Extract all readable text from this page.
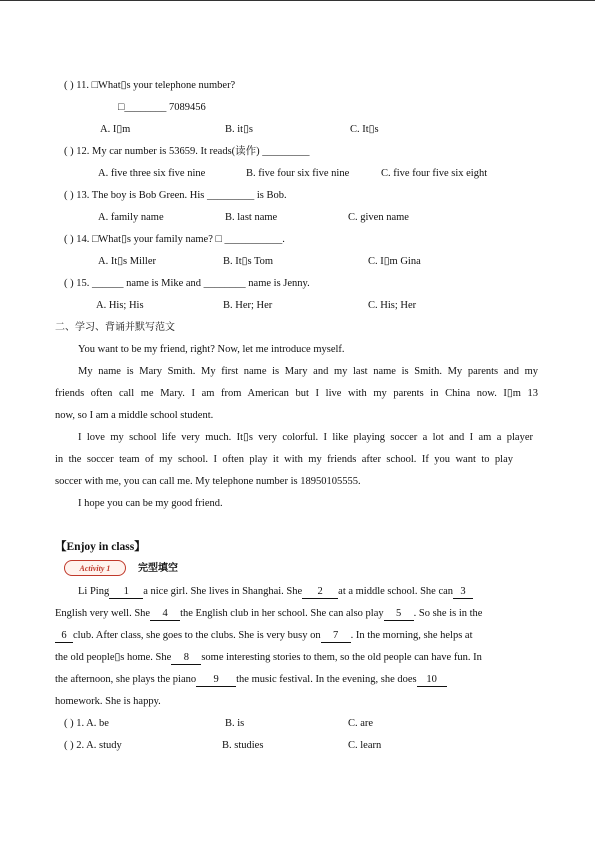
( ) 11. □What▯s your telephone number?
□________ 7089456
A. I▯m	B. it▯s	C. It▯s
( ) 12. My car number is 53659. It reads(读作) _________
A. five three six five nine	B. five four six five nine	C. five four five six eight
( ) 13. The boy is Bob Green. His _________ is Bob.
A. family name	B. last name	C. given name
( ) 14. □What▯s your family name? □ ___________.
A. It▯s Miller	B. It▯s Tom	C. I▯m Gina
( ) 15. ______ name is Mike and ________ name is Jenny.
A. His; His	B. Her; Her	C. His; Her
二、学习、背诵并默写范文
You want to be my friend, right? Now, let me introduce myself.
My name is Mary Smith. My first name is Mary and my last name is Smith. My parents and my
friends often call me Mary. I am from American but I live with my parents in China now. I▯m 13
now, so I am a middle school student.
I love my school life very much. It▯s very colorful. I like playing soccer a lot and I am a player
in the soccer team of my school. I often play it with my friends after school. If you want to play
soccer with me, you can call me. My telephone number is 18950105555.
I hope you can be my good friend.
【Enjoy in class】
Activity 1	完型填空
Li Ping 1 a nice girl. She lives in Shanghai. She 2 at a middle school. She can 3
English very well. She 4 the English club in her school. She can also play 5 . So she is in the
6 club. After class, she goes to the clubs. She is very busy on 7 . In the morning, she helps at
the old people▯s home. She 8 some interesting stories to them, so the old people can have fun. In
the afternoon, she plays the piano 9 the music festival. In the evening, she does 10
homework. She is happy.
( ) 1. A. be	B. is	C. are
( ) 2. A. study	B. studies	C. learn
